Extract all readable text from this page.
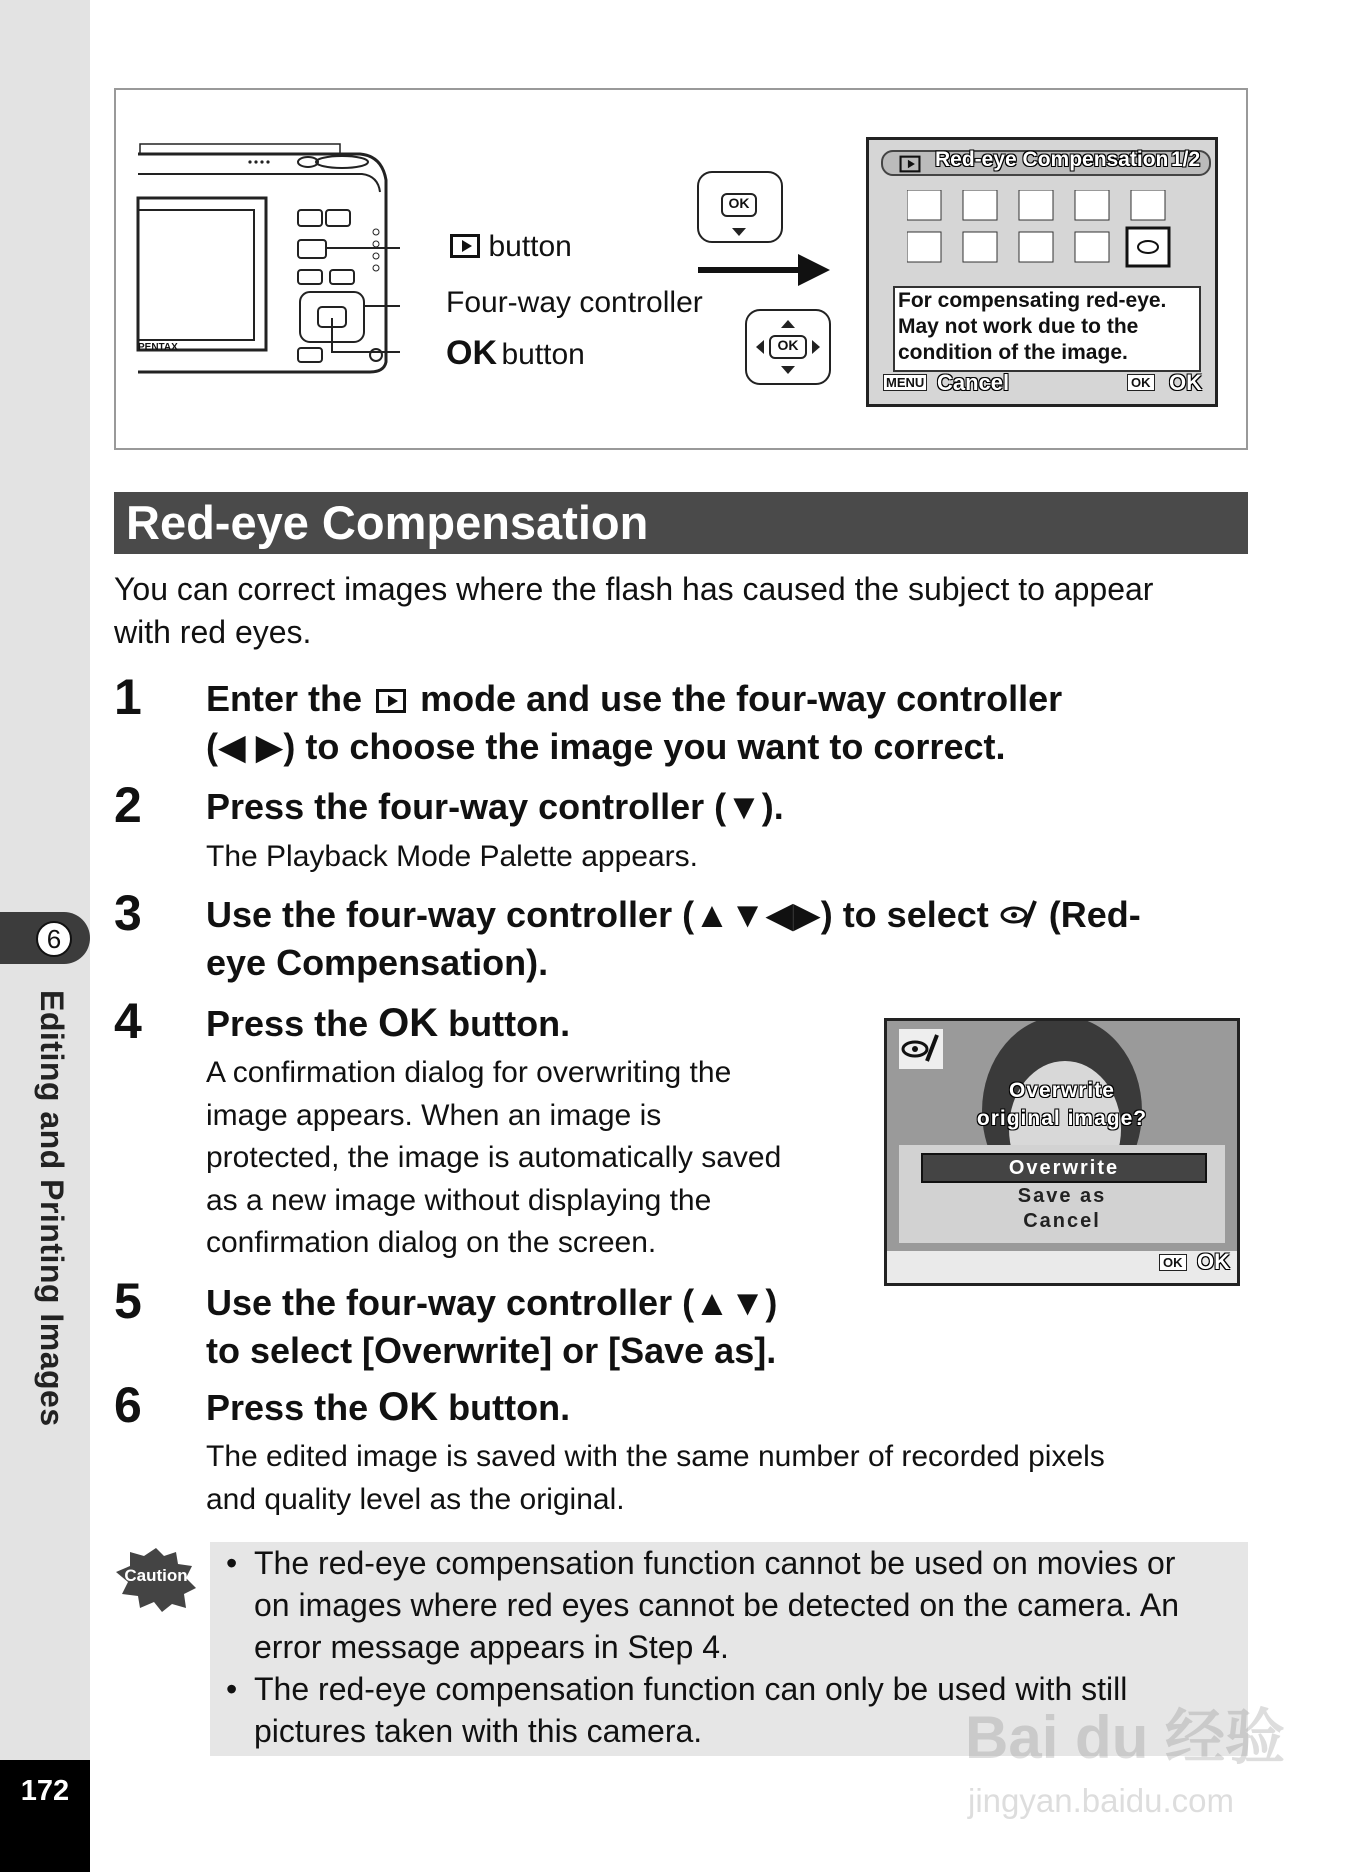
6
Editing and Printing Images
172
PENTAX
button
Four-way controller
OK button
OK
OK
Red-eye Compensation 1/2
For compensating red-eye.
May not work due to the
condition of the image.
MENU Cancel	OK OK
Red-eye Compensation
You can correct images where the flash has caused the subject to appear with red eyes.
1 Enter the mode and use the four-way controller
(◀ ▶) to choose the image you want to correct.
2 Press the four-way controller (▼).
The Playback Mode Palette appears.
3 Use the four-way controller (▲▼◀▶) to select (Red-
eye Compensation).
4 Press the OK button.
A confirmation dialog for overwriting the
image appears. When an image is
protected, the image is automatically saved
as a new image without displaying the
confirmation dialog on the screen.
Overwrite
original image?
Overwrite
Save as
Cancel
OK OK
5 Use the four-way controller (▲▼)
to select [Overwrite] or [Save as].
6 Press the OK button.
The edited image is saved with the same number of recorded pixels
and quality level as the original.
Caution	• The red-eye compensation function cannot be used on movies or
on images where red eyes cannot be detected on the camera. An
error message appears in Step 4.
• The red-eye compensation function can only be used with still
pictures taken with this camera.	Bai du 经验
jingyan.baidu.com
